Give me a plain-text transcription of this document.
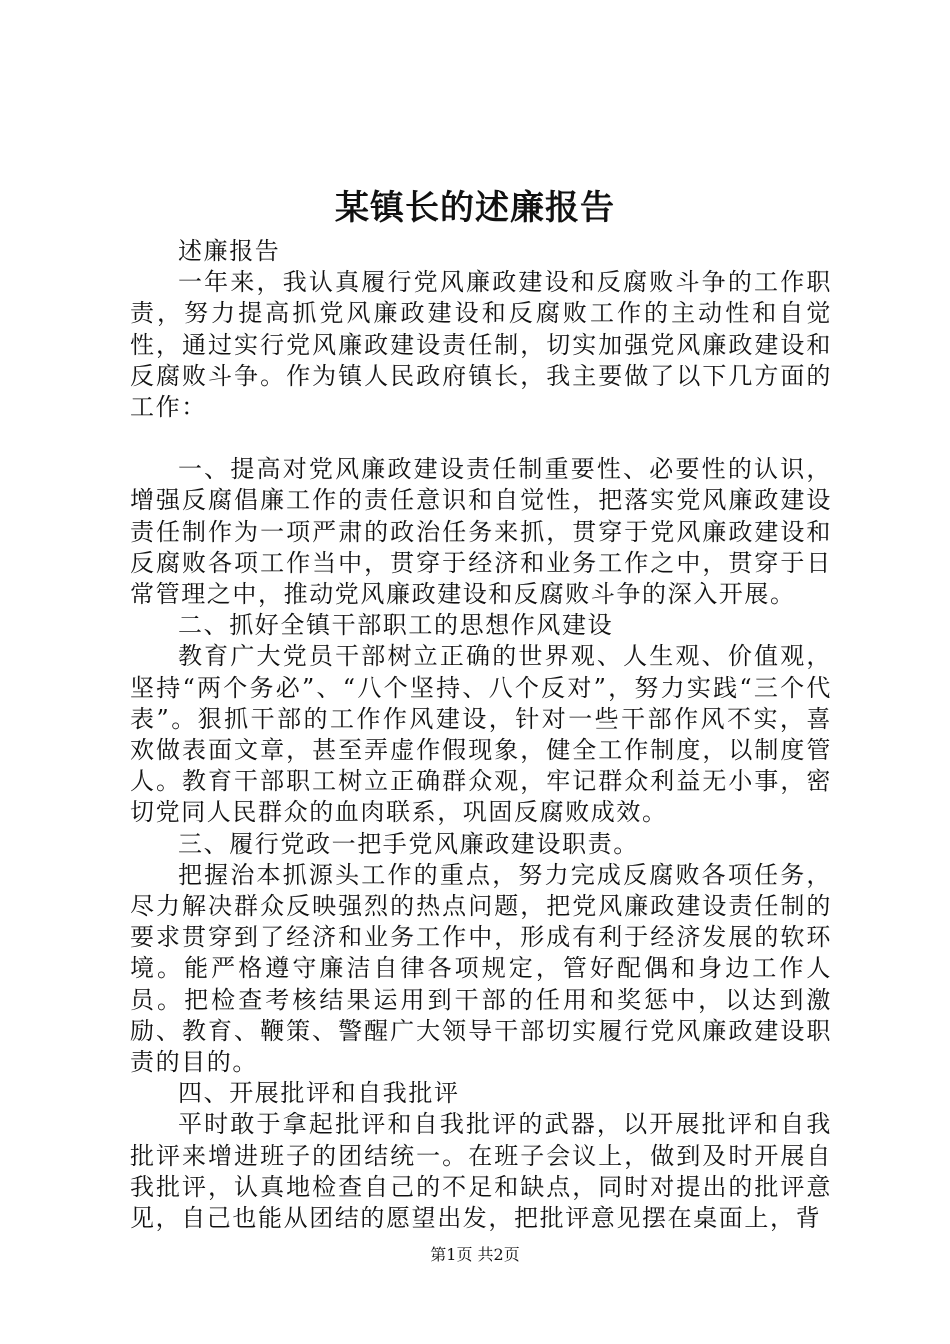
某镇长的述廉报告

述廉报告

一年来，我认真履行党风廉政建设和反腐败斗争的工作职责，努力提高抓党风廉政建设和反腐败工作的主动性和自觉性，通过实行党风廉政建设责任制，切实加强党风廉政建设和反腐败斗争。作为镇人民政府镇长，我主要做了以下几方面的工作：

一、提高对党风廉政建设责任制重要性、必要性的认识，增强反腐倡廉工作的责任意识和自觉性，把落实党风廉政建设责任制作为一项严肃的政治任务来抓，贯穿于党风廉政建设和反腐败各项工作当中，贯穿于经济和业务工作之中，贯穿于日常管理之中，推动党风廉政建设和反腐败斗争的深入开展。

二、抓好全镇干部职工的思想作风建设

教育广大党员干部树立正确的世界观、人生观、价值观，坚持“两个务必”、“八个坚持、八个反对”，努力实践“三个代表”。狠抓干部的工作作风建设，针对一些干部作风不实，喜欢做表面文章，甚至弄虚作假现象，健全工作制度，以制度管人。教育干部职工树立正确群众观，牢记群众利益无小事，密切党同人民群众的血肉联系，巩固反腐败成效。

三、履行党政一把手党风廉政建设职责。

把握治本抓源头工作的重点，努力完成反腐败各项任务，尽力解决群众反映强烈的热点问题，把党风廉政建设责任制的要求贯穿到了经济和业务工作中，形成有利于经济发展的软环境。能严格遵守廉洁自律各项规定，管好配偶和身边工作人员。把检查考核结果运用到干部的任用和奖惩中，以达到激励、教育、鞭策、警醒广大领导干部切实履行党风廉政建设职责的目的。

四、开展批评和自我批评

平时敢于拿起批评和自我批评的武器，以开展批评和自我批评来增进班子的团结统一。在班子会议上，做到及时开展自我批评，认真地检查自己的不足和缺点，同时对提出的批评意见，自己也能从团结的愿望出发，把批评意见摆在桌面上，背

第1页 共2页
